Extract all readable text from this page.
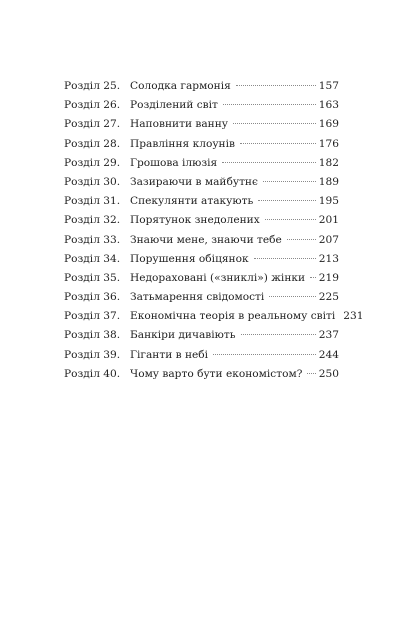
Розділ 25. Солодка гармонія	157
Розділ 26. Розділений світ	163
Розділ 27. Наповнити ванну	169
Розділ 28. Правління клоунів	176
Розділ 29. Грошова ілюзія	182
Розділ 30. Зазираючи в майбутнє	189
Розділ 31. Спекулянти атакують	195
Розділ 32. Порятунок знедолених	201
Розділ 33. Знаючи мене, знаючи тебе	207
Розділ 34. Порушення обіцянок	213
Розділ 35. Недораховані («зниклі») жінки 219
Розділ 36. Затьмарення свідомості	225
Розділ 37. Економічна теорія в реальному світі 231
Розділ 38. Банкіри дичавіють	237
Розділ 39. Гіганти в небі	244
Розділ 40. Чому варто бути економістом? 250
